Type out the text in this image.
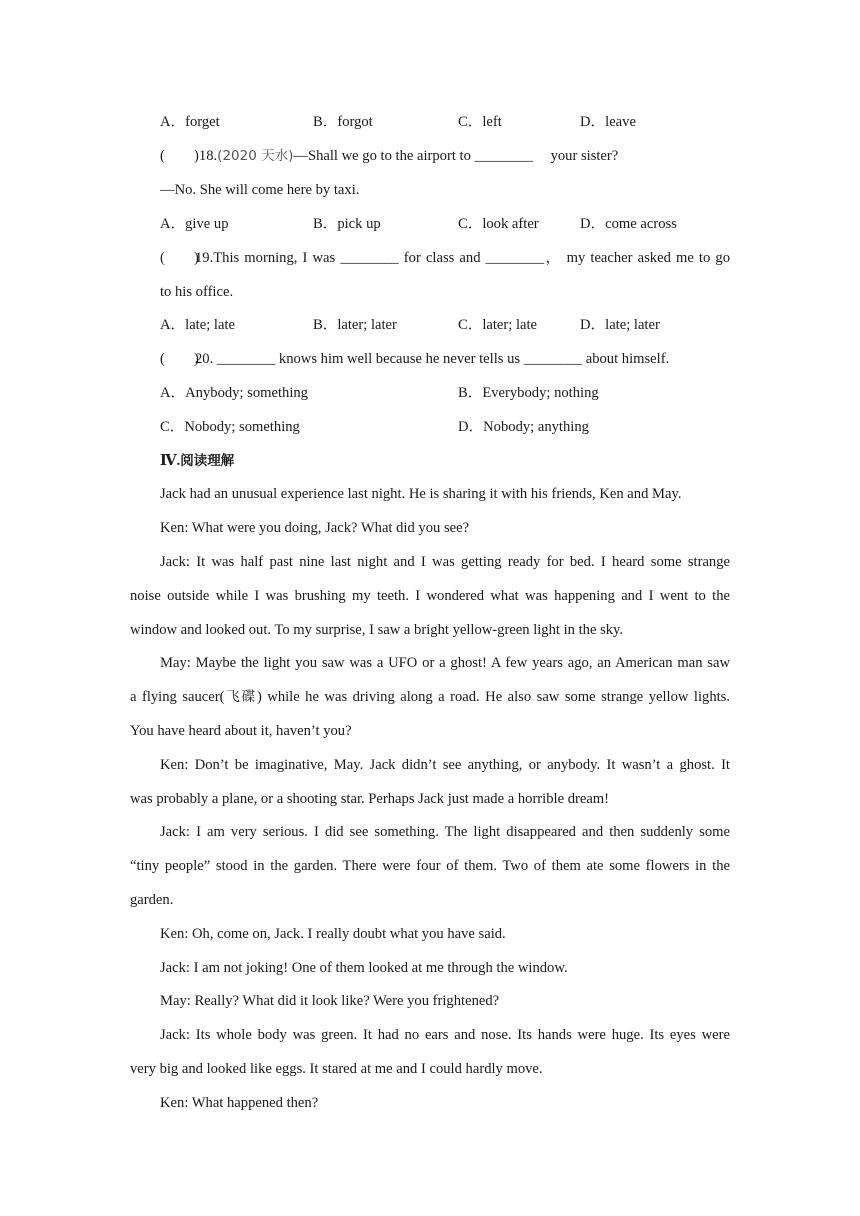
A．forget	B．forgot	C．left	D．leave
(　　)18.(2020 天水)—Shall we go to the airport to ________ your sister?
—No. She will come here by taxi.
A．give up	B．pick up	C．look after	D．come across
(　　)
19.This morning, I was ________ for class and ________， my teacher asked me to go
to his office.
A．late; late	B．later; later	C．later; late	D．late; later
(　　)
20. ________ knows him well because he never tells us ________ about himself.
A．Anybody; something	B．Everybody; nothing
C．Nobody; something	D．Nobody; anything
Ⅳ.阅读理解
Jack had an unusual experience last night. He is sharing it with his friends, Ken and May.
Ken: What were you doing, Jack? What did you see?
Jack: It was half past nine last night and I was getting ready for bed. I heard some strange
noise outside while I was brushing my teeth. I wondered what was happening and I went to the
window and looked out. To my surprise, I saw a bright yellow-green light in the sky.
May: Maybe the light you saw was a UFO or a ghost! A few years ago, an American man saw
a flying saucer(飞碟) while he was driving along a road. He also saw some strange yellow lights.
You have heard about it, haven’t you?
Ken: Don’t be imaginative, May. Jack didn’t see anything, or anybody. It wasn’t a ghost. It
was probably a plane, or a shooting star. Perhaps Jack just made a horrible dream!
Jack: I am very serious. I did see something. The light disappeared and then suddenly some
“tiny people” stood in the garden. There were four of them. Two of them ate some flowers in the
garden.
Ken: Oh, come on, Jack. I really doubt what you have said.
Jack: I am not joking! One of them looked at me through the window.
May: Really? What did it look like? Were you frightened?
Jack: Its whole body was green. It had no ears and nose. Its hands were huge. Its eyes were
very big and looked like eggs. It stared at me and I could hardly move.
Ken: What happened then?
